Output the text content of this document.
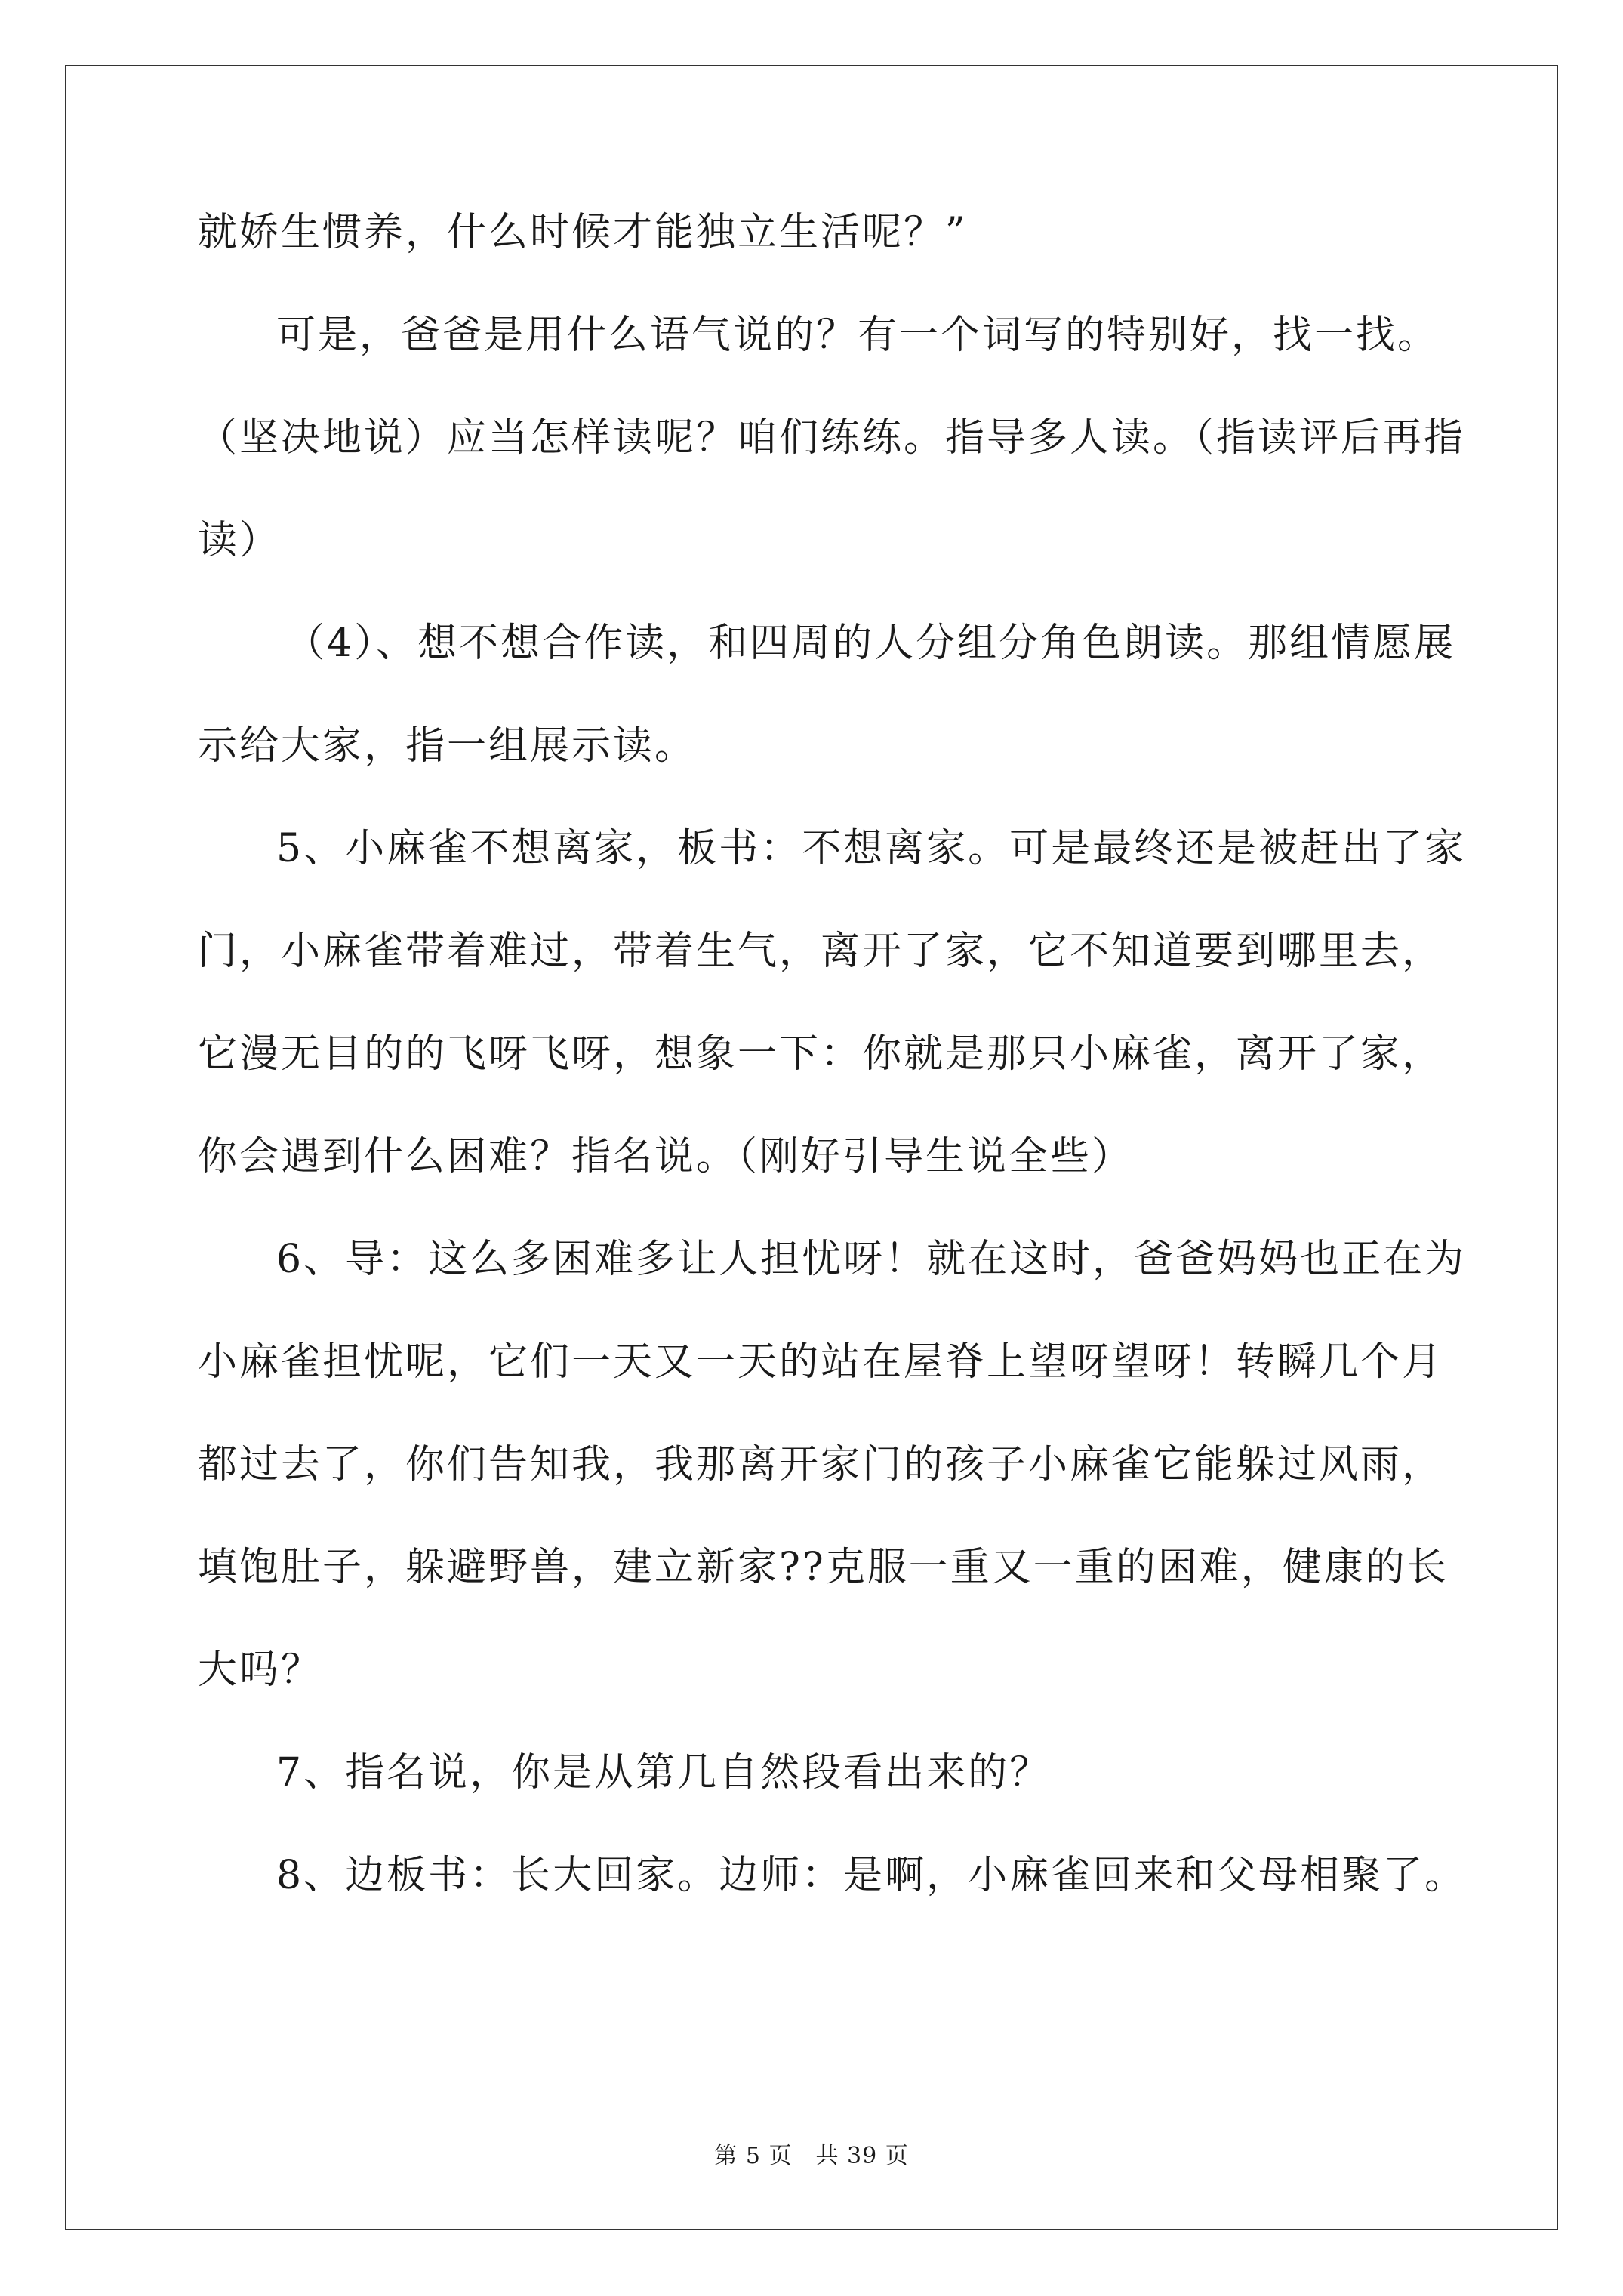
就娇生惯养，什么时候才能独立生活呢？”
可是，爸爸是用什么语气说的？有一个词写的特别好，找一找。
（坚决地说）应当怎样读呢？咱们练练。指导多人读。（指读评后再指
读）
（4）、想不想合作读，和四周的人分组分角色朗读。那组情愿展
示给大家，指一组展示读。
5、小麻雀不想离家，板书：不想离家。可是最终还是被赶出了家
门，小麻雀带着难过，带着生气，离开了家，它不知道要到哪里去，
它漫无目的的飞呀飞呀，想象一下：你就是那只小麻雀，离开了家，
你会遇到什么困难？指名说。（刚好引导生说全些）
6、导：这么多困难多让人担忧呀！就在这时，爸爸妈妈也正在为
小麻雀担忧呢，它们一天又一天的站在屋脊上望呀望呀！转瞬几个月
都过去了，你们告知我，我那离开家门的孩子小麻雀它能躲过风雨，
填饱肚子，躲避野兽，建立新家??克服一重又一重的困难，健康的长
大吗？
7、指名说，你是从第几自然段看出来的？
8、边板书：长大回家。边师：是啊，小麻雀回来和父母相聚了。
第 5 页　共 39 页
